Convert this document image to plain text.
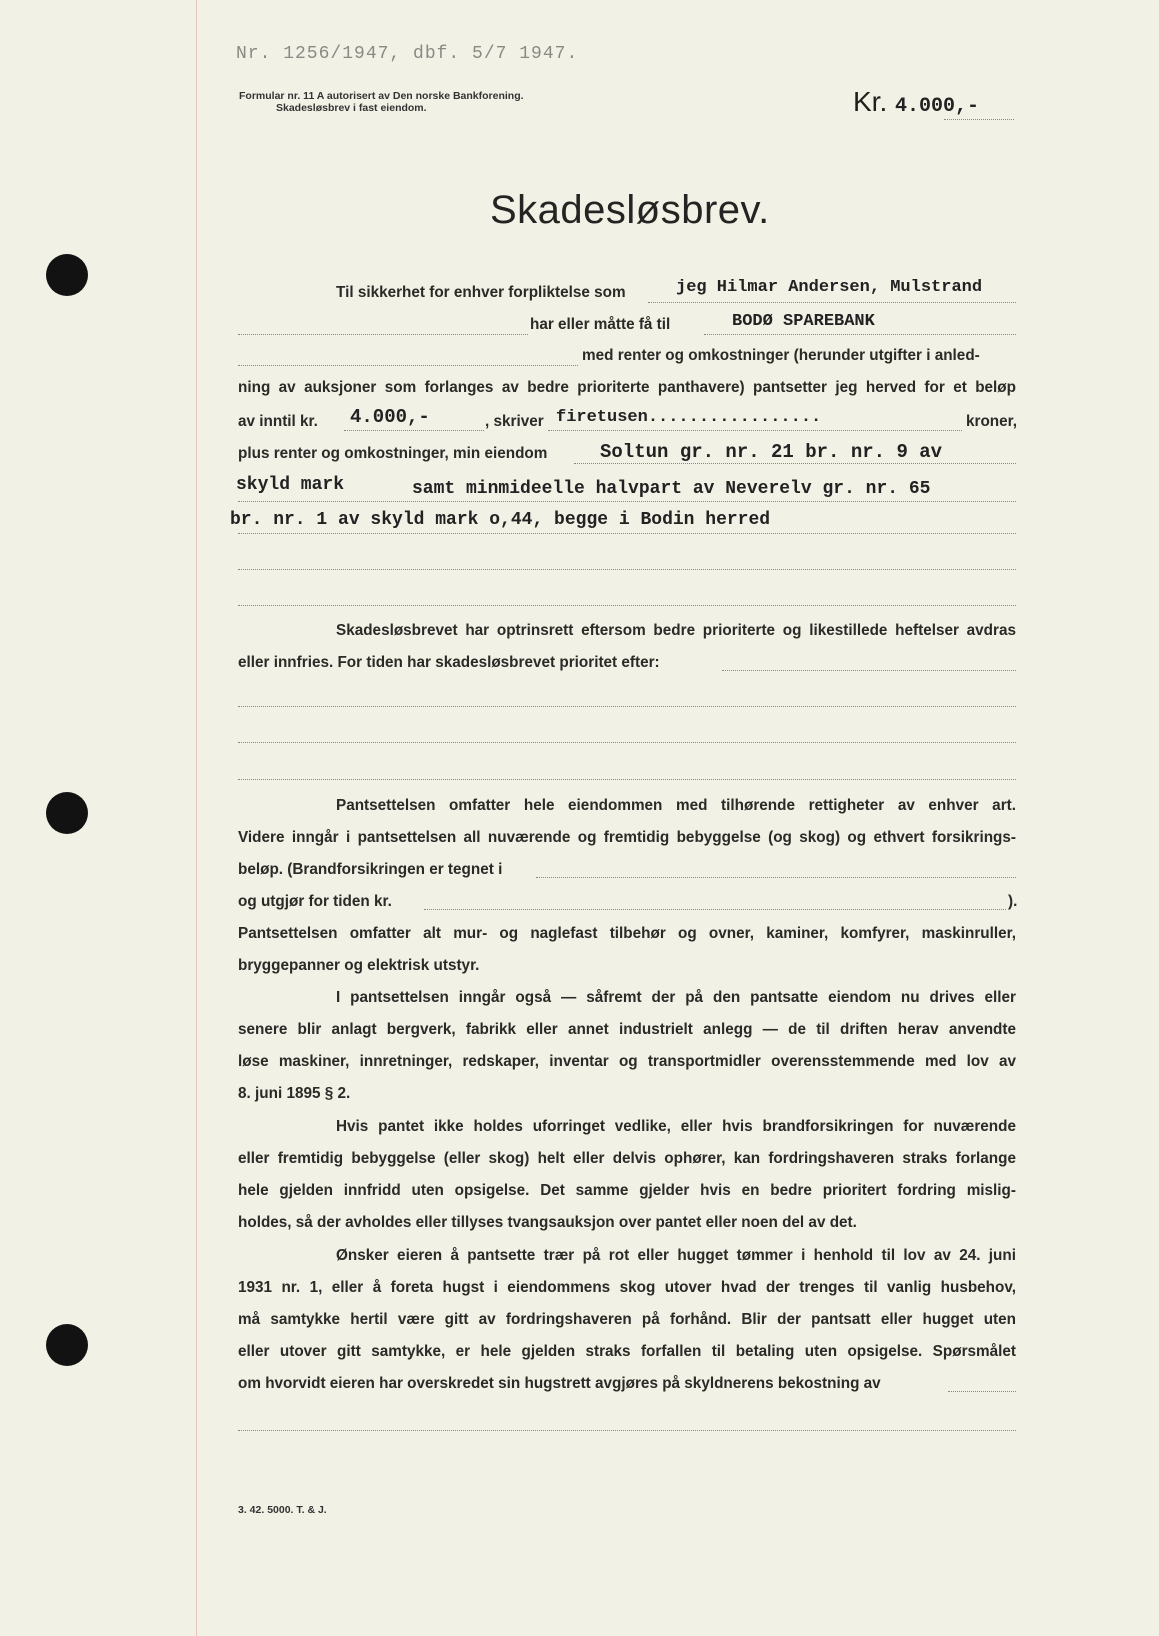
Nr. 1256/1947, dbf. 5/7 1947.
Formular nr. 11 A autorisert av Den norske Bankforening.
Skadesløsbrev i fast eiendom.	Kr. 4.000,-
Skadesløsbrev.
Til sikkerhet for enhver forpliktelse som	jeg Hilmar Andersen, Mulstrand
har eller måtte få til	BODØ SPAREBANK
med renter og omkostninger (herunder utgifter i anled-
ning av auksjoner som forlanges av bedre prioriterte panthavere) pantsetter jeg herved for et beløp
av inntil kr. 4.000,-	, skriver firetusen.................	kroner,
plus renter og omkostninger, min eiendom	Soltun gr. nr. 21 br. nr. 9 av
skyld mark	samt minmideelle halvpart av Neverelv gr. nr. 65
br. nr. 1 av skyld mark o,44, begge i Bodin herred
Skadesløsbrevet har optrinsrett eftersom bedre prioriterte og likestillede heftelser avdras
eller innfries. For tiden har skadesløsbrevet prioritet efter:
Pantsettelsen omfatter hele eiendommen med tilhørende rettigheter av enhver art.
Videre inngår i pantsettelsen all nuværende og fremtidig bebyggelse (og skog) og ethvert forsikrings-
beløp. (Brandforsikringen er tegnet i
og utgjør for tiden kr.	).
Pantsettelsen omfatter alt mur- og naglefast tilbehør og ovner, kaminer, komfyrer, maskinruller,
bryggepanner og elektrisk utstyr.
I pantsettelsen inngår også — såfremt der på den pantsatte eiendom nu drives eller
senere blir anlagt bergverk, fabrikk eller annet industrielt anlegg — de til driften herav anvendte
løse maskiner, innretninger, redskaper, inventar og transportmidler overensstemmende med lov av
8. juni 1895 § 2.
Hvis pantet ikke holdes uforringet vedlike, eller hvis brandforsikringen for nuværende
eller fremtidig bebyggelse (eller skog) helt eller delvis ophører, kan fordringshaveren straks forlange
hele gjelden innfridd uten opsigelse. Det samme gjelder hvis en bedre prioritert fordring mislig-
holdes, så der avholdes eller tillyses tvangsauksjon over pantet eller noen del av det.
Ønsker eieren å pantsette trær på rot eller hugget tømmer i henhold til lov av 24. juni
1931 nr. 1, eller å foreta hugst i eiendommens skog utover hvad der trenges til vanlig husbehov,
må samtykke hertil være gitt av fordringshaveren på forhånd. Blir der pantsatt eller hugget uten
eller utover gitt samtykke, er hele gjelden straks forfallen til betaling uten opsigelse. Spørsmålet
om hvorvidt eieren har overskredet sin hugstrett avgjøres på skyldnerens bekostning av
3. 42. 5000. T. & J.
